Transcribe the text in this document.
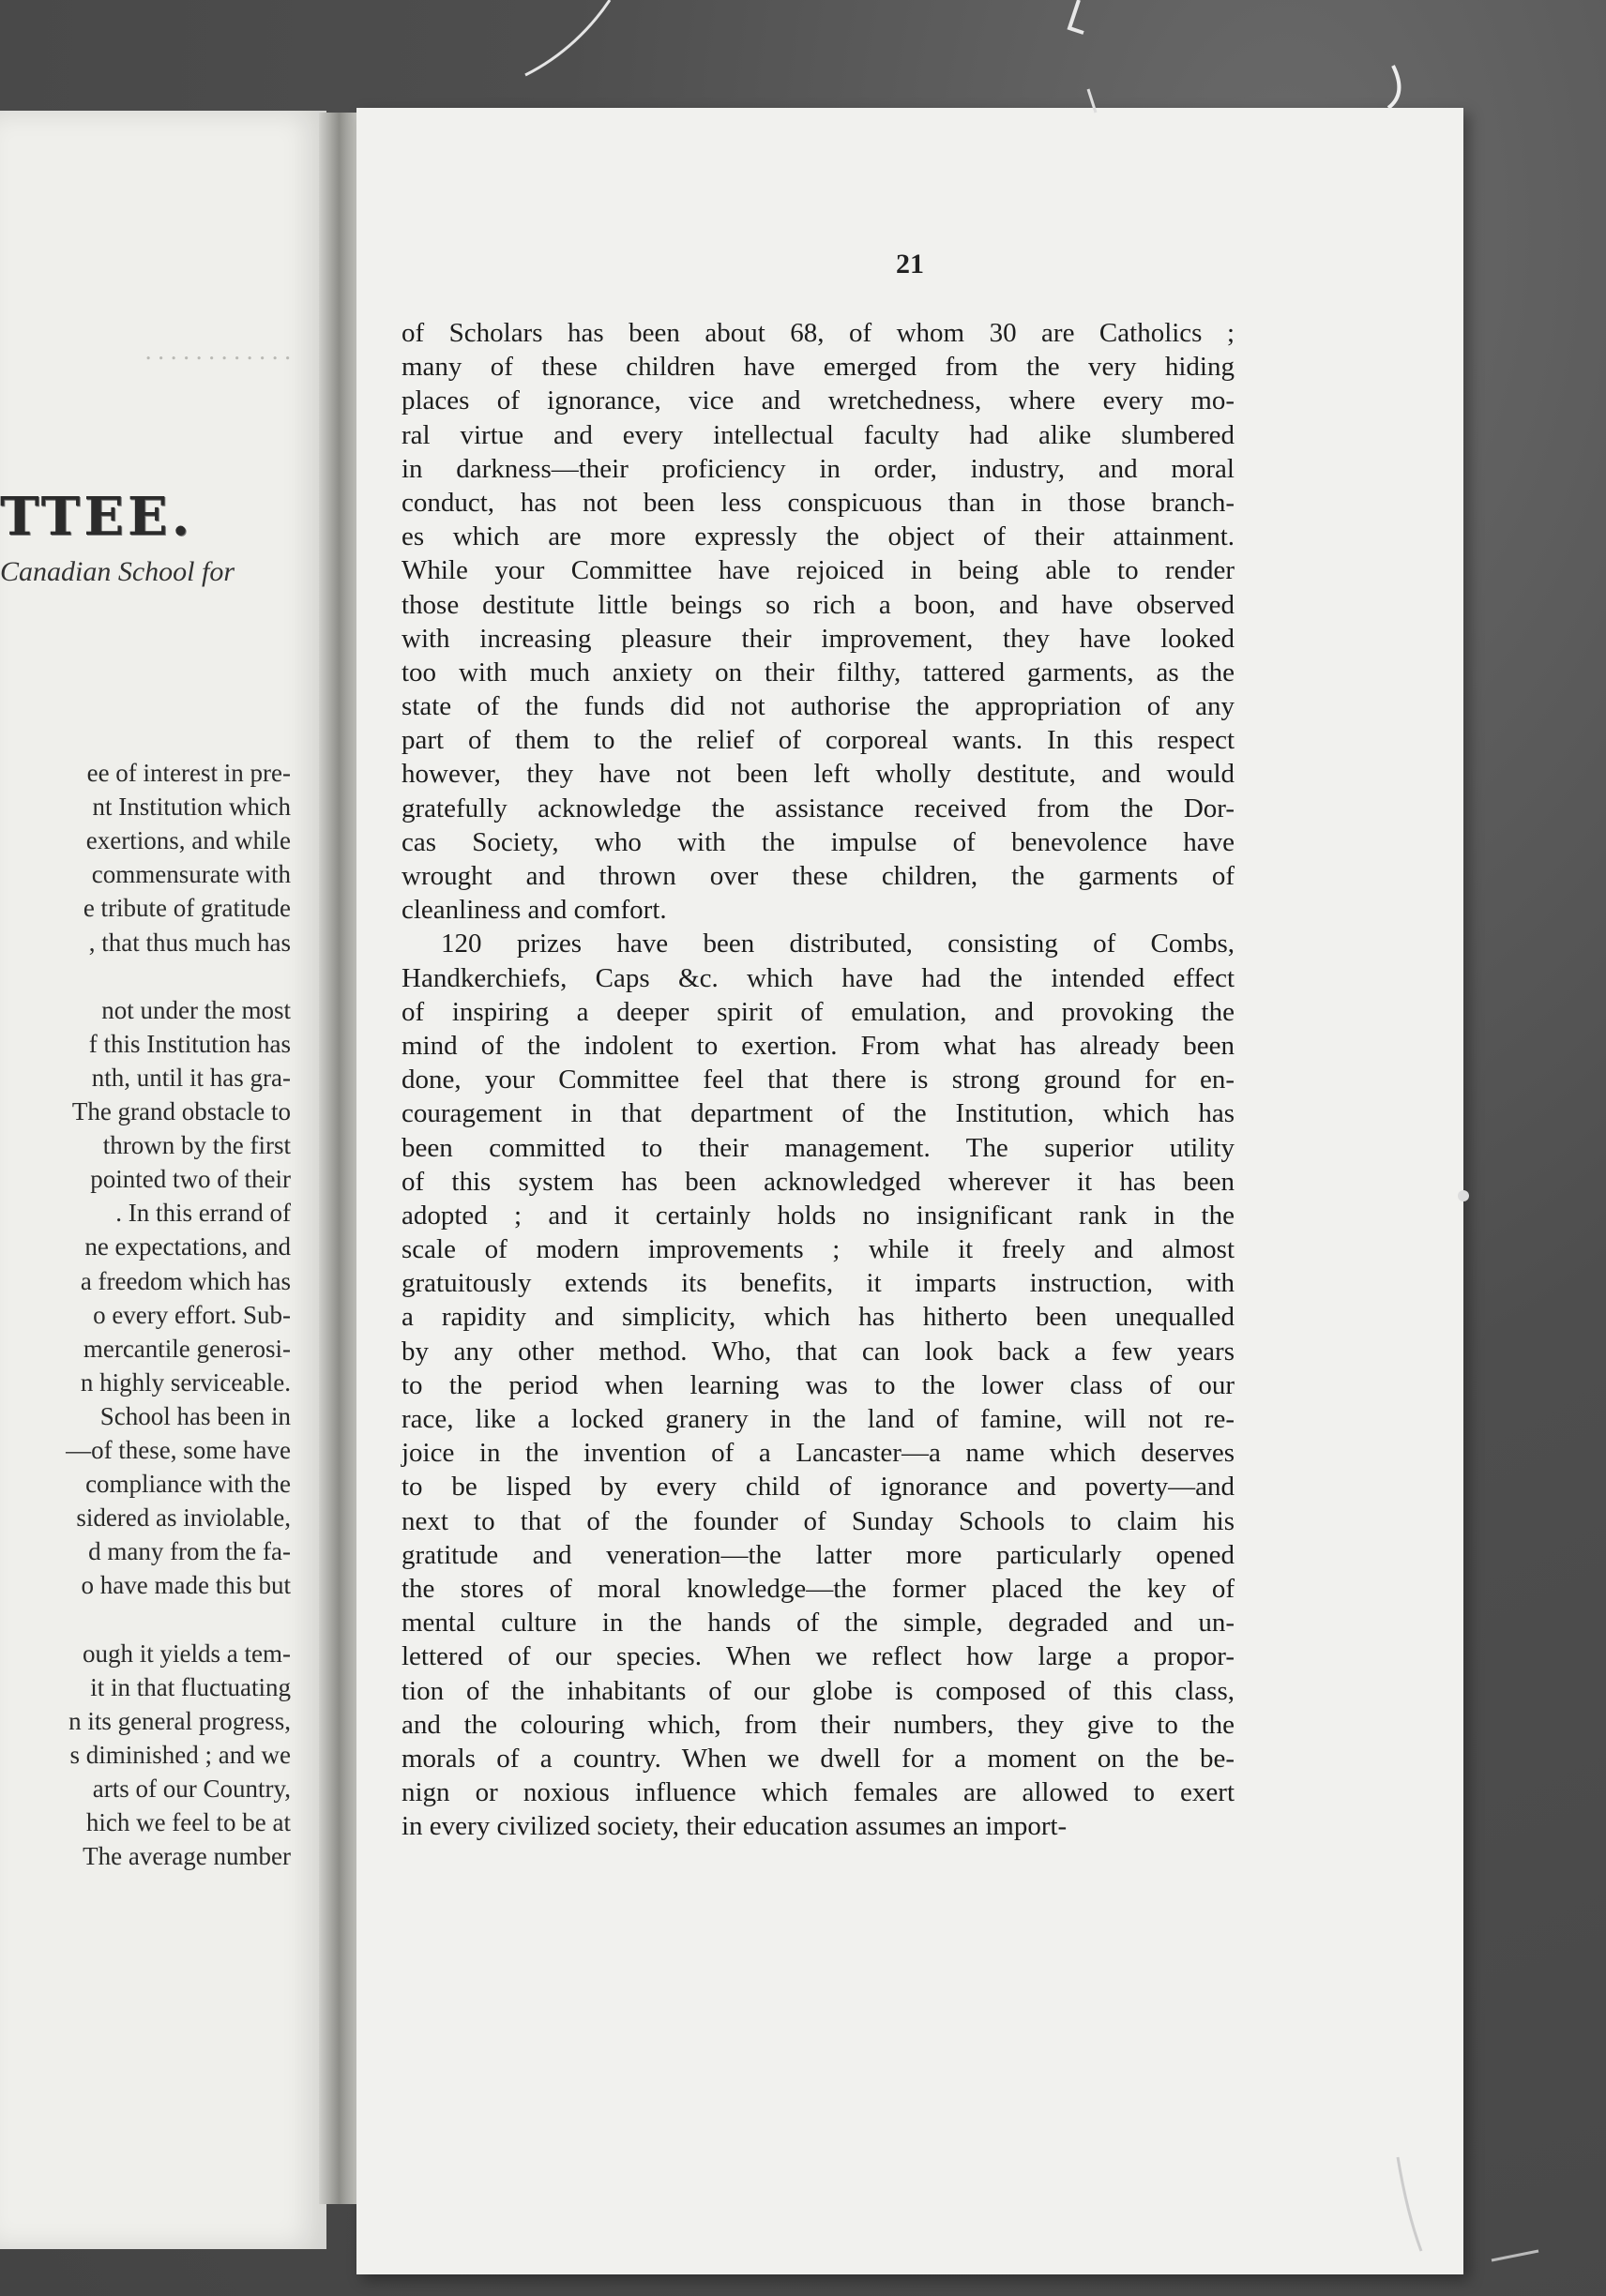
. . . . . . . . . . . .
TTEE.
Canadian School for
ee of interest in pre-
nt Institution which
exertions, and while
commensurate with
e tribute of gratitude
, that thus much has
not under the most
f this Institution has
nth, until it has gra-
The grand obstacle to
thrown by the first
pointed two of their
. In this errand of
ne expectations, and
a freedom which has
o every effort. Sub-
mercantile generosi-
n highly serviceable.
School has been in
—of these, some have
compliance with the
sidered as inviolable,
d many from the fa-
o have made this but
ough it yields a tem-
it in that fluctuating
n its general progress,
s diminished ; and we
arts of our Country,
hich we feel to be at
The average number
21
of Scholars has been about 68, of whom 30 are Catholics ;
many of these children have emerged from the very hiding
places of ignorance, vice and wretchedness, where every mo-
ral virtue and every intellectual faculty had alike slumbered
in darkness—their proficiency in order, industry, and moral
conduct, has not been less conspicuous than in those branch-
es which are more expressly the object of their attainment.
While your Committee have rejoiced in being able to render
those destitute little beings so rich a boon, and have observed
with increasing pleasure their improvement, they have looked
too with much anxiety on their filthy, tattered garments, as the
state of the funds did not authorise the appropriation of any
part of them to the relief of corporeal wants. In this respect
however, they have not been left wholly destitute, and would
gratefully acknowledge the assistance received from the Dor-
cas Society, who with the impulse of benevolence have
wrought and thrown over these children, the garments of
cleanliness and comfort.
120 prizes have been distributed, consisting of Combs,
Handkerchiefs, Caps &c. which have had the intended effect
of inspiring a deeper spirit of emulation, and provoking the
mind of the indolent to exertion. From what has already been
done, your Committee feel that there is strong ground for en-
couragement in that department of the Institution, which has
been committed to their management. The superior utility
of this system has been acknowledged wherever it has been
adopted ; and it certainly holds no insignificant rank in the
scale of modern improvements ; while it freely and almost
gratuitously extends its benefits, it imparts instruction, with
a rapidity and simplicity, which has hitherto been unequalled
by any other method. Who, that can look back a few years
to the period when learning was to the lower class of our
race, like a locked granery in the land of famine, will not re-
joice in the invention of a Lancaster—a name which deserves
to be lisped by every child of ignorance and poverty—and
next to that of the founder of Sunday Schools to claim his
gratitude and veneration—the latter more particularly opened
the stores of moral knowledge—the former placed the key of
mental culture in the hands of the simple, degraded and un-
lettered of our species. When we reflect how large a propor-
tion of the inhabitants of our globe is composed of this class,
and the colouring which, from their numbers, they give to the
morals of a country. When we dwell for a moment on the be-
nign or noxious influence which females are allowed to exert
in every civilized society, their education assumes an import-
